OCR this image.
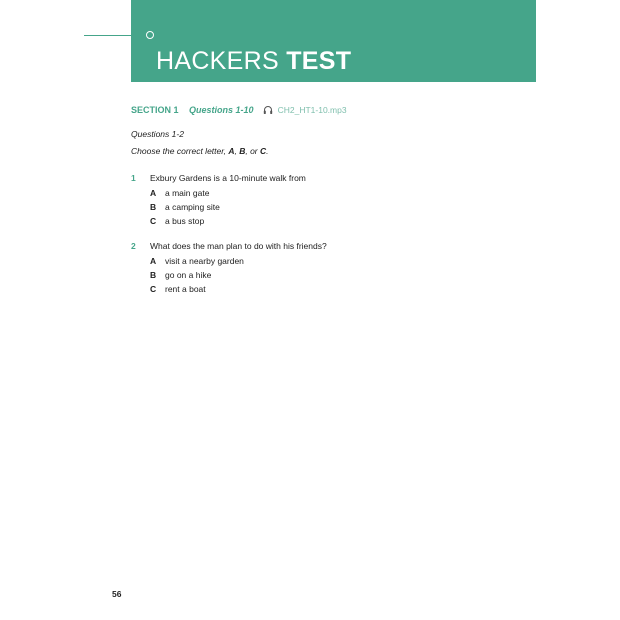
HACKERS TEST
SECTION 1 Questions 1-10	CH2_HT1-10.mp3
Questions 1-2
Choose the correct letter, A, B, or C.
1 Exbury Gardens is a 10-minute walk from
A a main gate
B a camping site
C a bus stop
2 What does the man plan to do with his friends?
A visit a nearby garden
B go on a hike
C rent a boat
56
